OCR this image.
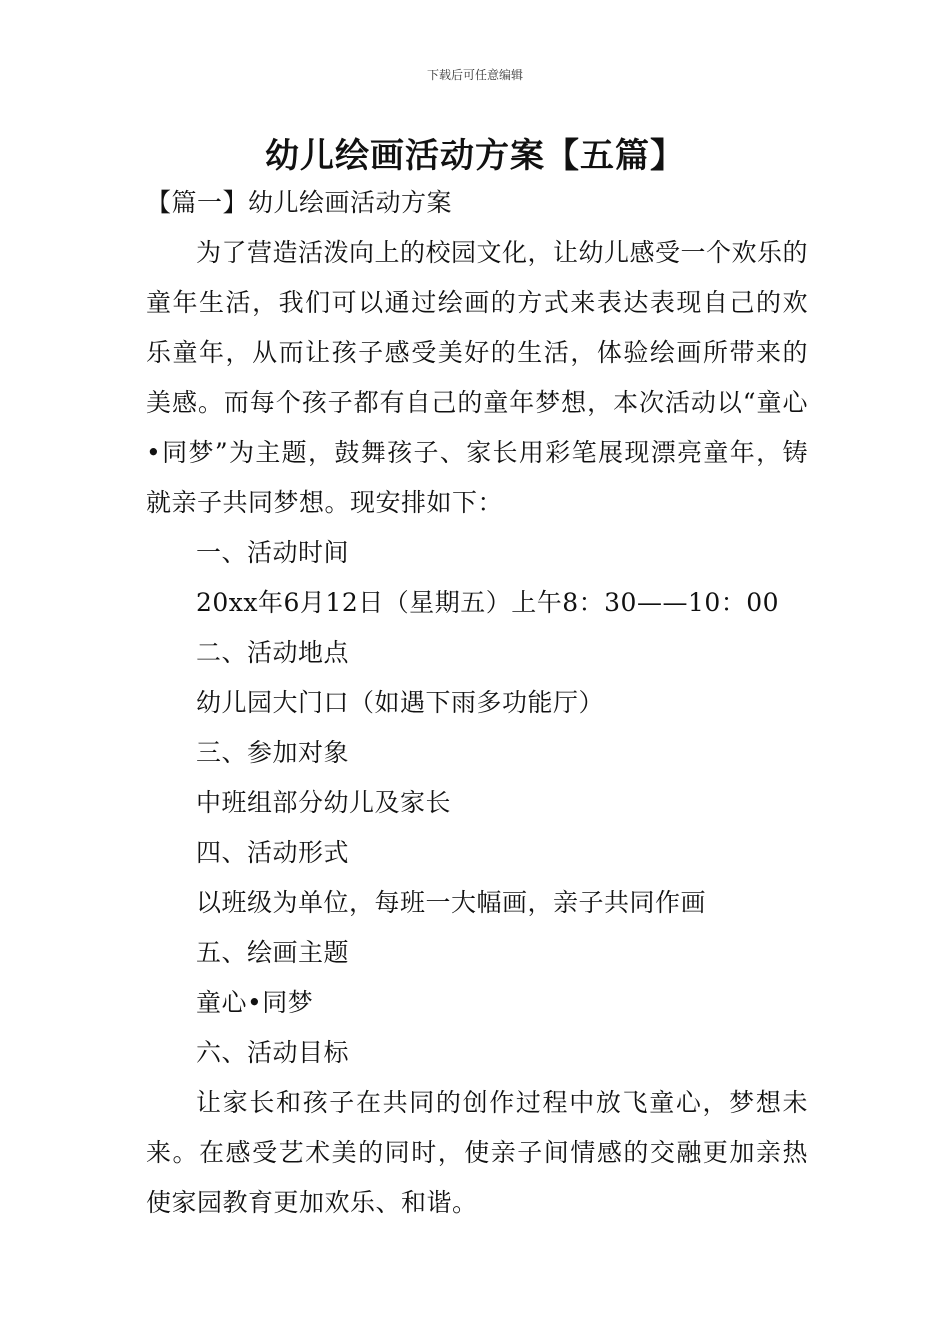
下载后可任意编辑
幼儿绘画活动方案【五篇】

【篇一】幼儿绘画活动方案

为了营造活泼向上的校园文化，让幼儿感受一个欢乐的童年生活，我们可以通过绘画的方式来表达表现自己的欢乐童年，从而让孩子感受美好的生活，体验绘画所带来的美感。而每个孩子都有自己的童年梦想，本次活动以“童心•同梦”为主题，鼓舞孩子、家长用彩笔展现漂亮童年，铸就亲子共同梦想。现安排如下：

一、活动时间

20xx年6月12日（星期五）上午8：30——10：00

二、活动地点

幼儿园大门口（如遇下雨多功能厅）

三、参加对象

中班组部分幼儿及家长

四、活动形式

以班级为单位，每班一大幅画，亲子共同作画

五、绘画主题

童心•同梦

六、活动目标

让家长和孩子在共同的创作过程中放飞童心，梦想未来。在感受艺术美的同时，使亲子间情感的交融更加亲热使家园教育更加欢乐、和谐。
